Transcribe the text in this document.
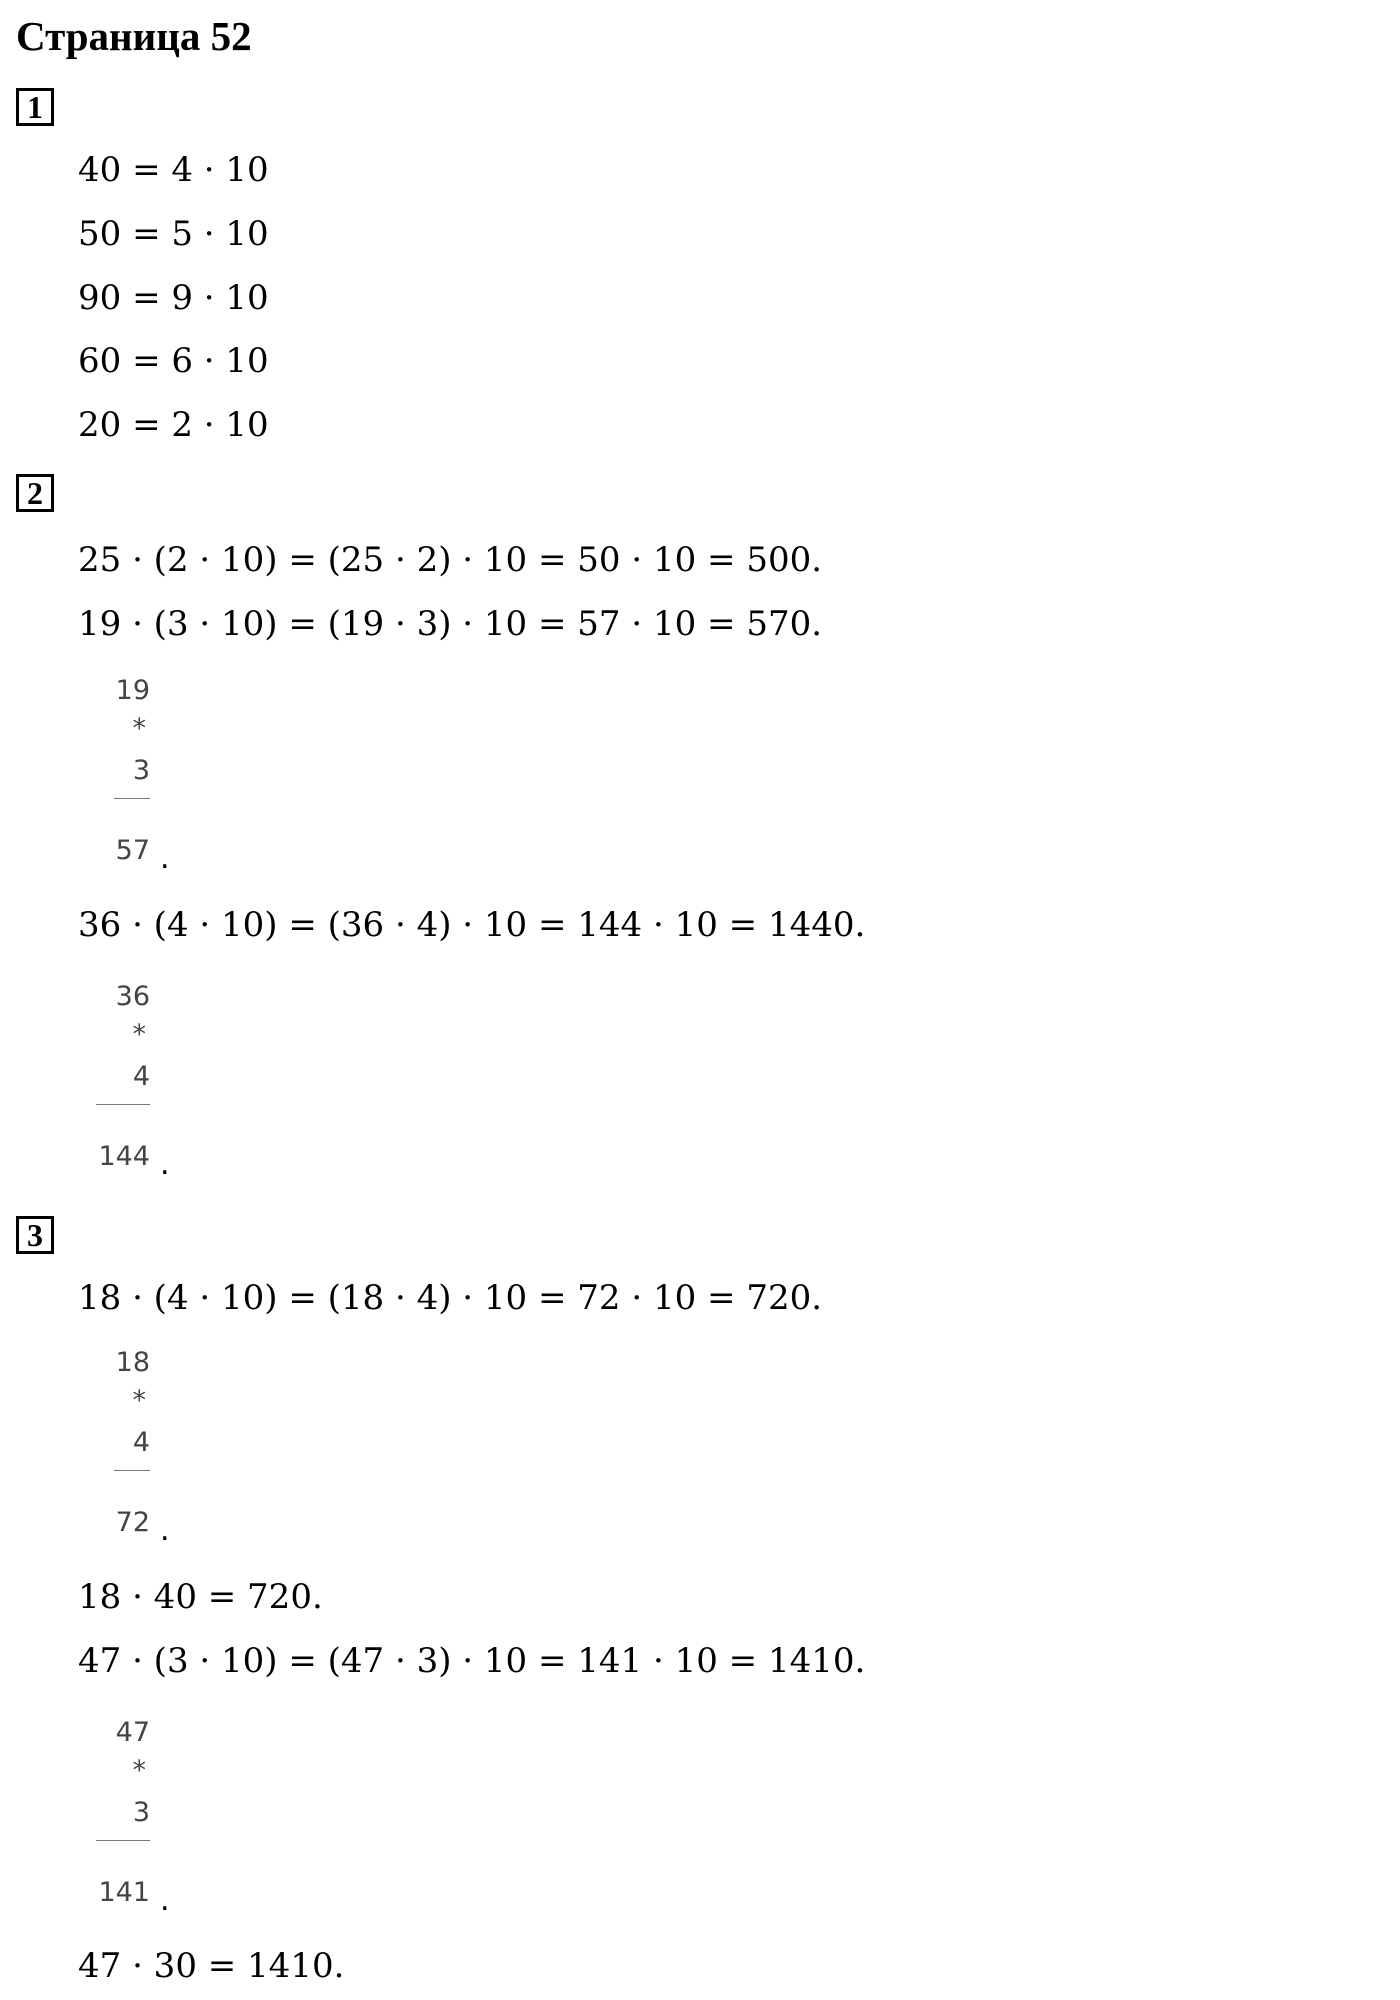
Страница 52
1
40 = 4 · 10
50 = 5 · 10
90 = 9 · 10
60 = 6 · 10
20 = 2 · 10
2
25 · (2 · 10) = (25 · 2) · 10 = 50 · 10 = 500.
19 · (3 · 10) = (19 · 3) · 10 = 57 · 10 = 570.
19
*
3
57 .
36 · (4 · 10) = (36 · 4) · 10 = 144 · 10 = 1440.
36
*
4
144 .
3
18 · (4 · 10) = (18 · 4) · 10 = 72 · 10 = 720.
18
*
4
72 .
18 · 40 = 720.
47 · (3 · 10) = (47 · 3) · 10 = 141 · 10 = 1410.
47
*
3
141 .
47 · 30 = 1410.
